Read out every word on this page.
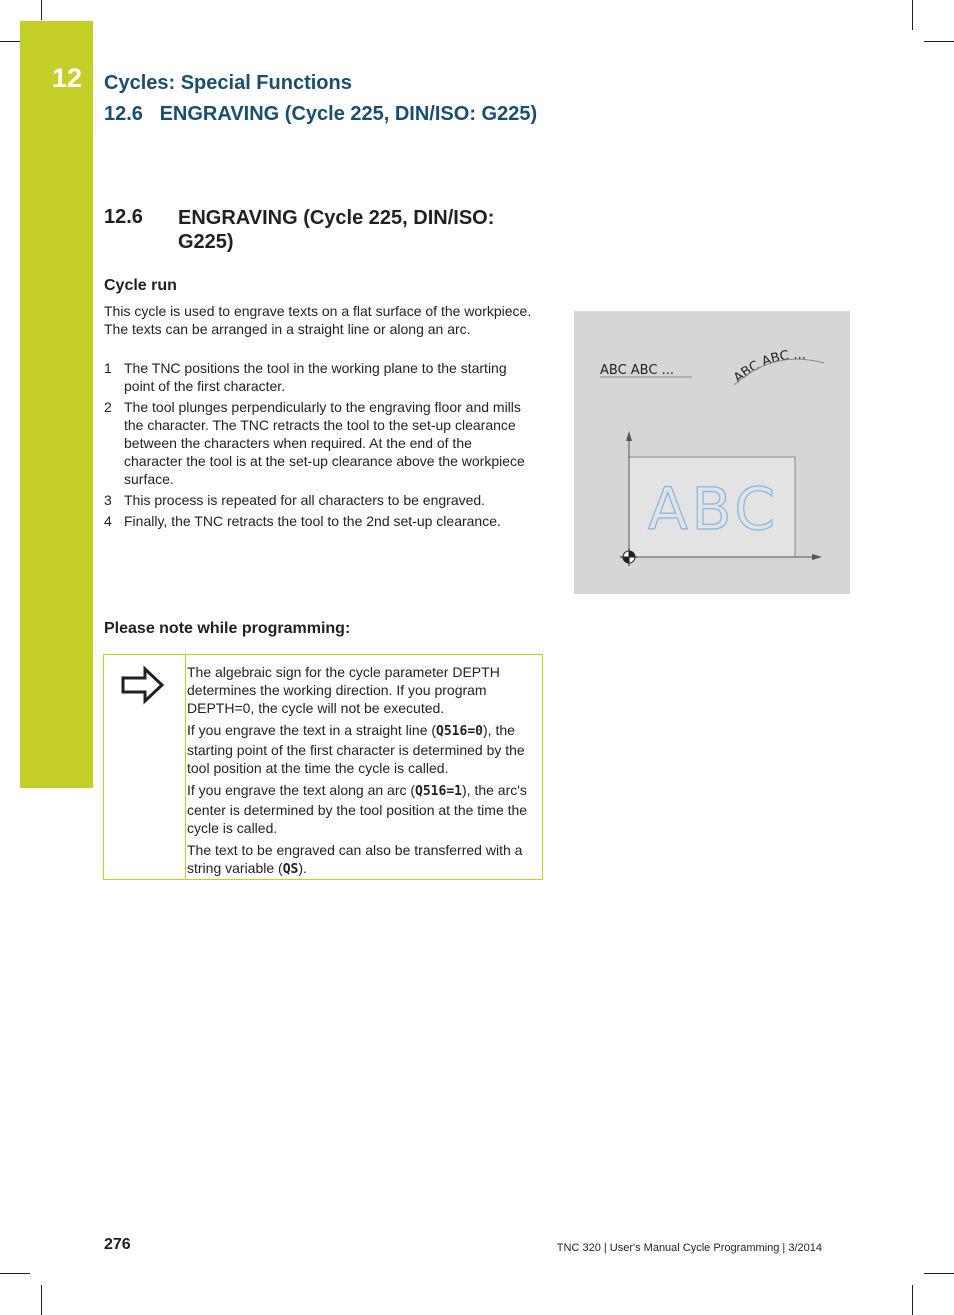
12 Cycles: Special Functions
12.6   ENGRAVING (Cycle 225, DIN/ISO: G225)
12.6 ENGRAVING (Cycle 225, DIN/ISO: G225)
Cycle run
This cycle is used to engrave texts on a flat surface of the workpiece. The texts can be arranged in a straight line or along an arc.
1 The TNC positions the tool in the working plane to the starting point of the first character.
2 The tool plunges perpendicularly to the engraving floor and mills the character. The TNC retracts the tool to the set-up clearance between the characters when required. At the end of the character the tool is at the set-up clearance above the workpiece surface.
3 This process is repeated for all characters to be engraved.
4 Finally, the TNC retracts the tool to the 2nd set-up clearance.
ABC ABC ...	ABC ABC ...
ABC
Please note while programming:

The algebraic sign for the cycle parameter DEPTH determines the working direction. If you program DEPTH=0, the cycle will not be executed.

If you engrave the text in a straight line (Q516=0), the starting point of the first character is determined by the tool position at the time the cycle is called.

If you engrave the text along an arc (Q516=1), the arc's center is determined by the tool position at the time the cycle is called.

The text to be engraved can also be transferred with a string variable (QS).

276	TNC 320 | User's Manual Cycle Programming | 3/2014
